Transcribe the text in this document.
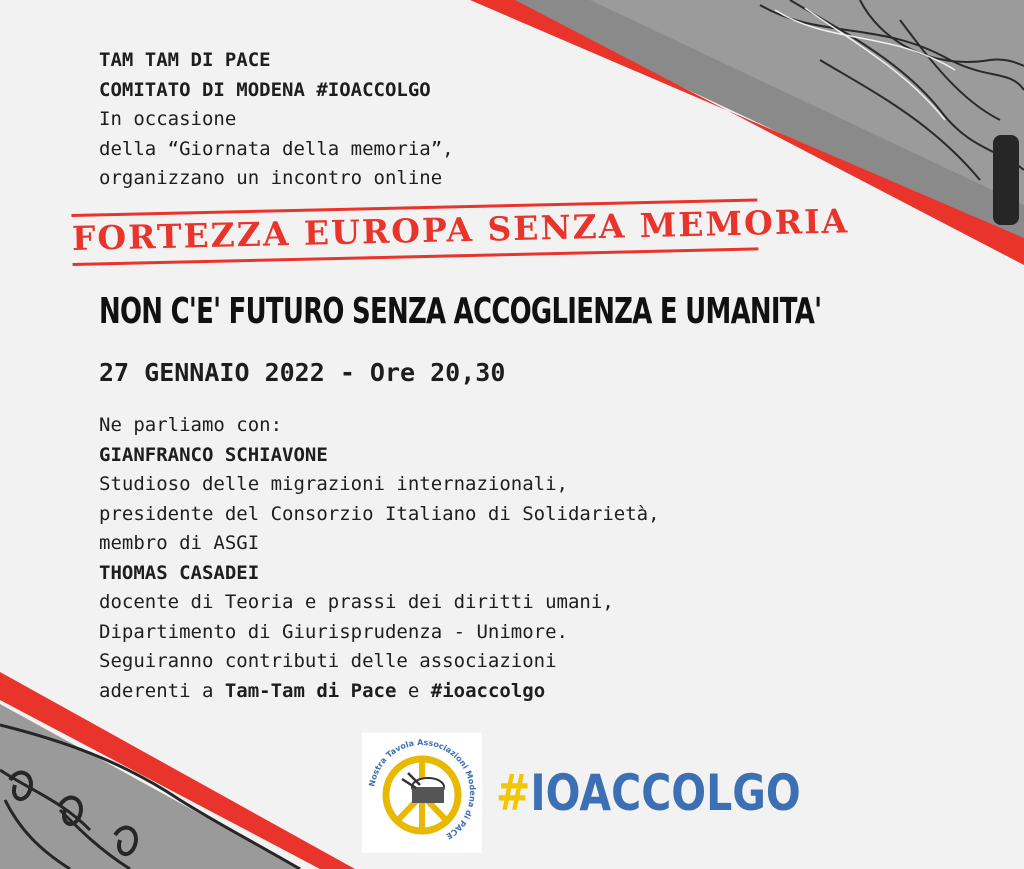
TAM TAM DI PACE
COMITATO DI MODENA #IOACCOLGO
In occasione
della “Giornata della memoria”,
organizzano un incontro online
FORTEZZA EUROPA SENZA MEMORIA
NON C'E' FUTURO SENZA ACCOGLIENZA E UMANITA'
27 GENNAIO 2022 - Ore 20,30
Ne parliamo con:
GIANFRANCO SCHIAVONE
Studioso delle migrazioni internazionali,
presidente del Consorzio Italiano di Solidarietà,
membro di ASGI
THOMAS CASADEI
docente di Teoria e prassi dei diritti umani,
Dipartimento di Giurisprudenza - Unimore.
Seguiranno contributi delle associazioni
aderenti a Tam-Tam di Pace e #ioaccolgo
Nostra Tavola Associazioni Modena di PACE
#IOACCOLGO
